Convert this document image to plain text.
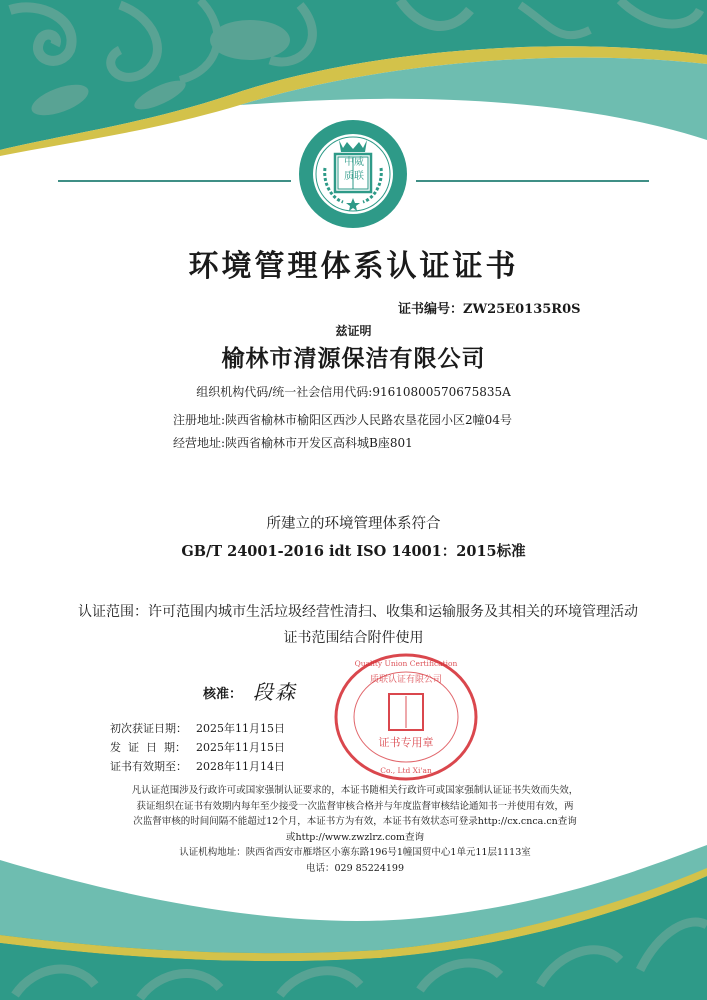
中威
质联
环境管理体系认证证书
证书编号：ZW25E0135R0S
兹证明
榆林市清源保洁有限公司
组织机构代码/统一社会信用代码:91610800570675835A
注册地址:陕西省榆林市榆阳区西沙人民路农垦花园小区2幢04号
经营地址:陕西省榆林市开发区高科城B座801
所建立的环境管理体系符合
GB/T 24001-2016 idt ISO 14001：2015标准
认证范围：许可范围内城市生活垃圾经营性清扫、收集和运输服务及其相关的环境管理活动
证书范围结合附件使用
核准： 段森
初次获证日期： 2025年11月15日
发  证  日  期： 2025年11月15日
证书有效期至： 2028年11月14日
证书专用章
质联认证有限公司
Quality Union Certification
Co., Ltd Xi'an
凡认证范围涉及行政许可或国家强制认证要求的，本证书随相关行政许可或国家强制认证证书失效而失效，
获证组织在证书有效期内每年至少接受一次监督审核合格并与年度监督审核结论通知书一并使用有效，两
次监督审核的时间间隔不能超过12个月，本证书方为有效，本证书有效状态可登录http://cx.cnca.cn查询
或http://www.zwzlrz.com查询
认证机构地址：陕西省西安市雁塔区小寨东路196号1幢国贸中心1单元11层1113室
电话：029 85224199
